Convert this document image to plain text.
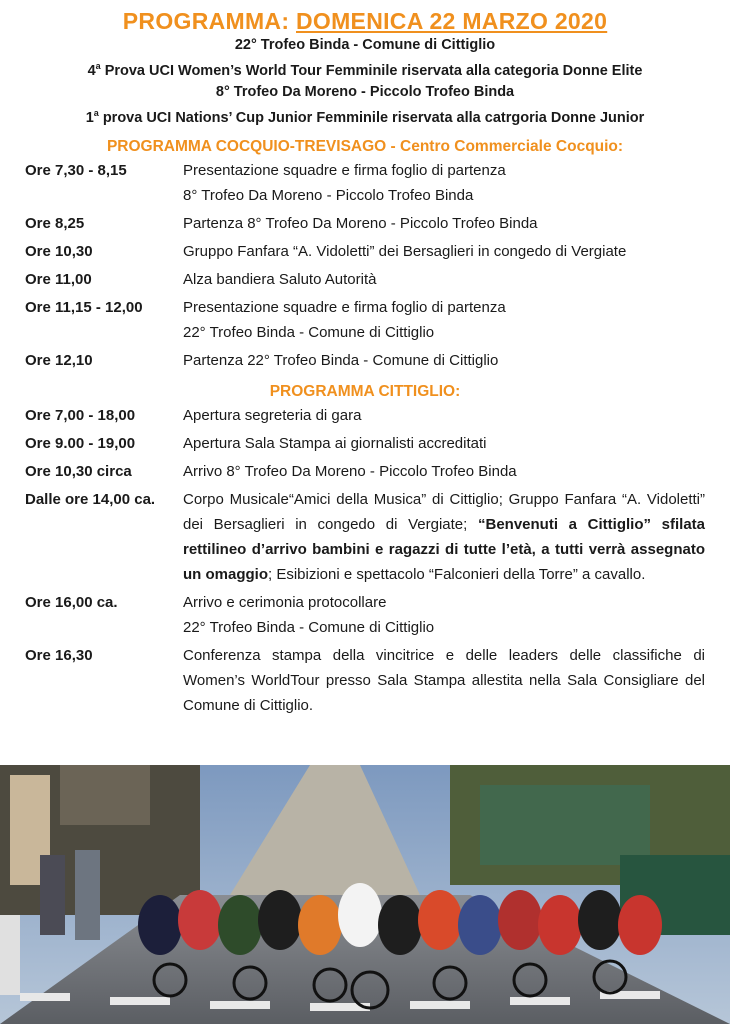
PROGRAMMA: DOMENICA 22 MARZO 2020
22° Trofeo Binda - Comune di Cittiglio
4$^a$ Prova UCI Women’s World Tour Femminile riservata alla categoria Donne Elite
8° Trofeo Da Moreno - Piccolo Trofeo Binda
1$^a$ prova UCI Nations’ Cup Junior Femminile riservata alla catrgoria Donne Junior
PROGRAMMA COCQUIO-TREVISAGO - Centro Commerciale Cocquio:
Ore 7,30 - 8,15	Presentazione squadre e firma foglio di partenza
8° Trofeo Da Moreno - Piccolo Trofeo Binda
Ore 8,25	Partenza 8° Trofeo Da Moreno - Piccolo Trofeo Binda
Ore 10,30	Gruppo Fanfara “A. Vidoletti” dei Bersaglieri in congedo di Vergiate
Ore 11,00	Alza bandiera Saluto Autorità
Ore 11,15 - 12,00	Presentazione squadre e firma foglio di partenza
22° Trofeo Binda - Comune di Cittiglio
Ore 12,10	Partenza 22° Trofeo Binda - Comune di Cittiglio
PROGRAMMA CITTIGLIO:
Ore 7,00 - 18,00	Apertura segreteria di gara
Ore 9.00 - 19,00	Apertura Sala Stampa ai giornalisti accreditati
Ore 10,30 circa	Arrivo 8° Trofeo Da Moreno - Piccolo Trofeo Binda
Dalle ore 14,00 ca.	Corpo Musicale“Amici della Musica” di Cittiglio; Gruppo Fanfara “A. Vidoletti” dei Bersaglieri in congedo di Vergiate; “Benvenuti a Cittiglio” sfilata rettilineo d’arrivo bambini e ragazzi di tutte l’età, a tutti verrà assegnato un omaggio; Esibizioni e spettacolo “Falconieri della Torre” a cavallo.
Ore 16,00 ca.	Arrivo e cerimonia protocollare
22° Trofeo Binda - Comune di Cittiglio
Ore 16,30	Conferenza stampa della vincitrice e delle leaders delle classifiche di Women’s WorldTour presso Sala Stampa allestita nella Sala Consigliare del Comune di Cittiglio.
